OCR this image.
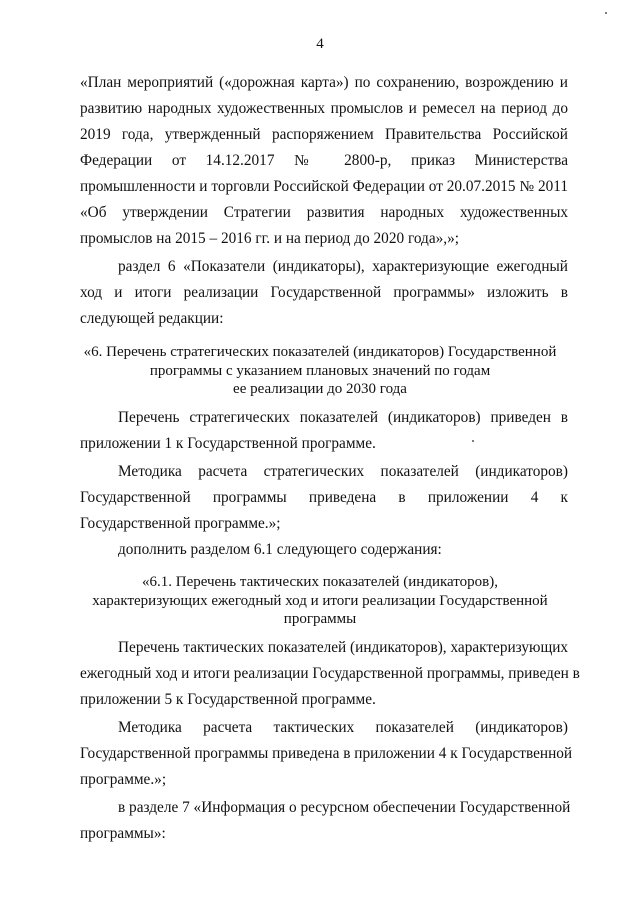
4
«План мероприятий («дорожная карта») по сохранению, возрождению и
развитию народных художественных промыслов и ремесел на период до
2019 года, утвержденный распоряжением Правительства Российской
Федерации от 14.12.2017 № 2800-р, приказ Министерства
промышленности и торговли Российской Федерации от 20.07.2015 № 2011
«Об утверждении Стратегии развития народных художественных
промыслов на 2015 – 2016 гг. и на период до 2020 года»,»;
раздел 6 «Показатели (индикаторы), характеризующие ежегодный
ход и итоги реализации Государственной программы» изложить в
следующей редакции:
«6. Перечень стратегических показателей (индикаторов) Государственной
программы с указанием плановых значений по годам
ее реализации до 2030 года
Перечень стратегических показателей (индикаторов) приведен в
приложении 1 к Государственной программе.
Методика расчета стратегических показателей (индикаторов)
Государственной программы приведена в приложении 4 к
Государственной программе.»;
дополнить разделом 6.1 следующего содержания:
«6.1. Перечень тактических показателей (индикаторов),
характеризующих ежегодный ход и итоги реализации Государственной
программы
Перечень тактических показателей (индикаторов), характеризующих
ежегодный ход и итоги реализации Государственной программы, приведен в
приложении 5 к Государственной программе.
Методика расчета тактических показателей (индикаторов)
Государственной программы приведена в приложении 4 к Государственной
программе.»;
в разделе 7 «Информация о ресурсном обеспечении Государственной
программы»:
